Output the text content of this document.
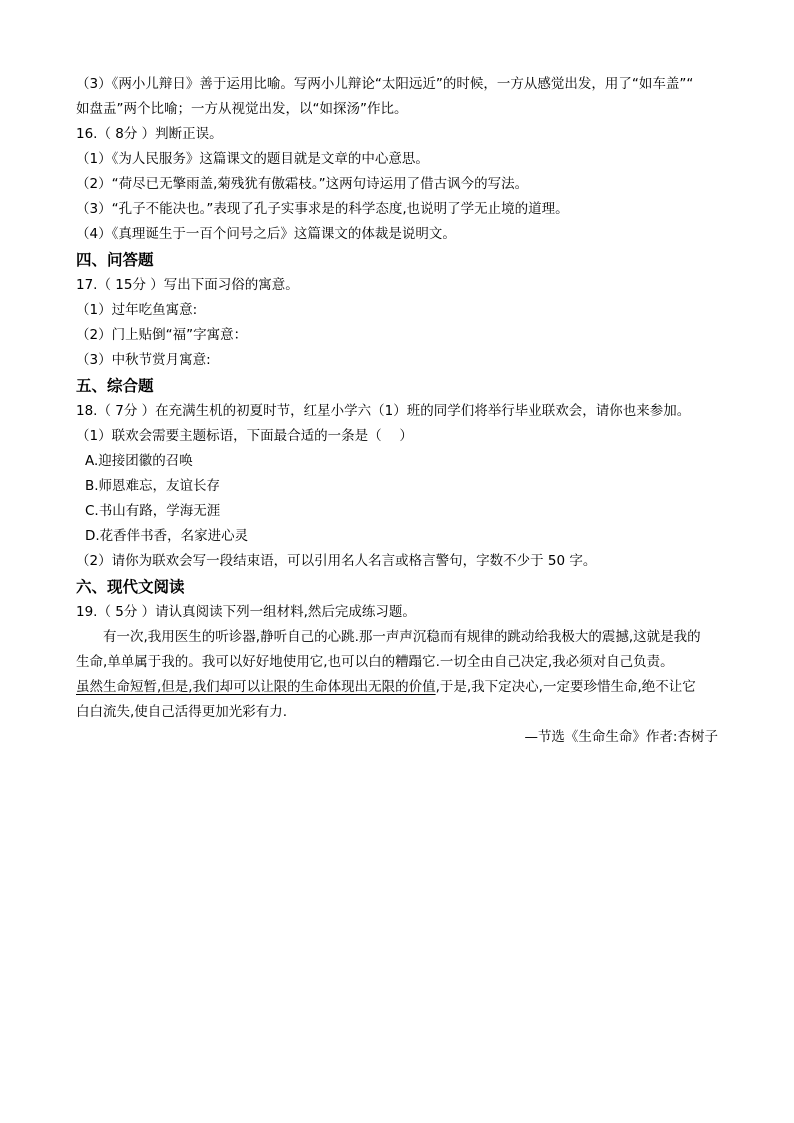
（3）《两小儿辩日》善于运用比喻。写两小儿辩论“太阳远近”的时候，一方从感觉出发，用了“如车盖”“
如盘盂”两个比喻；一方从视觉出发，以“如探汤”作比。
16.（ 8分 ）判断正误。
（1）《为人民服务》这篇课文的题目就是文章的中心意思。
（2）“荷尽已无擎雨盖,菊残犹有傲霜枝。”这两句诗运用了借古讽今的写法。
（3）“孔子不能决也。”表现了孔子实事求是的科学态度,也说明了学无止境的道理。
（4）《真理诞生于一百个问号之后》这篇课文的体裁是说明文。
四、问答题
17.（ 15分 ）写出下面习俗的寓意。
（1）过年吃鱼寓意:
（2）门上贴倒“福”字寓意：
（3）中秋节赏月寓意:
五、综合题
18.（ 7分 ）在充满生机的初夏时节，红星小学六（1）班的同学们将举行毕业联欢会，请你也来参加。
（1）联欢会需要主题标语，下面最合适的一条是（　 ）
A.迎接团徽的召唤
B.师恩难忘，友谊长存
C.书山有路，学海无涯
D.花香伴书香，名家进心灵
（2）请你为联欢会写一段结束语，可以引用名人名言或格言警句，字数不少于 50 字。
六、现代文阅读
19.（ 5分 ）请认真阅读下列一组材料,然后完成练习题。
有一次,我用医生的听诊器,静听自己的心跳.那一声声沉稳而有规律的跳动给我极大的震撼,这就是我的
生命,单单属于我的。我可以好好地使用它,也可以白的糟蹋它.一切全由自己决定,我必须对自己负责。
虽然生命短暂,但是,我们却可以让限的生命体现出无限的价值,于是,我下定决心,一定要珍惜生命,绝不让它
白白流失,使自己活得更加光彩有力.
—节选《生命生命》作者:杏树子
